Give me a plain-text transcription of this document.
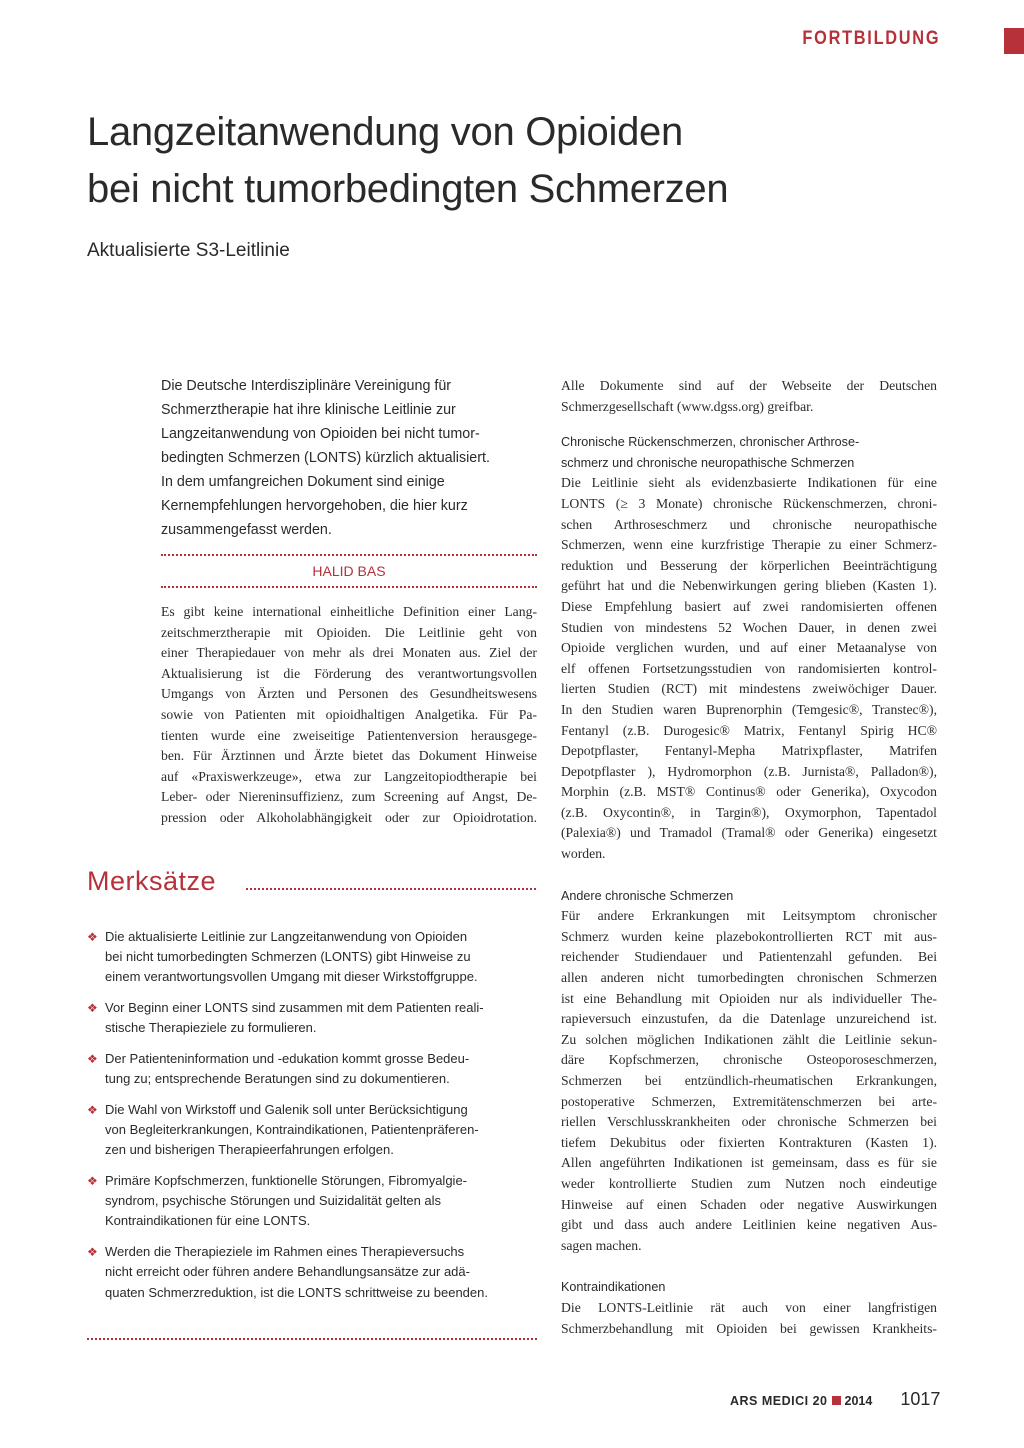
FORTBILDUNG
Langzeitanwendung von Opioiden
bei nicht tumorbedingten Schmerzen
Aktualisierte S3-Leitlinie
Die Deutsche Interdisziplinäre Vereinigung für
Schmerztherapie hat ihre klinische Leitlinie zur
Langzeitanwendung von Opioiden bei nicht tumor-
bedingten Schmerzen (LONTS) kürzlich aktualisiert.
In dem umfangreichen Dokument sind einige
Kernempfehlungen hervorgehoben, die hier kurz
zusammengefasst werden.
HALID BAS
Es gibt keine international einheitliche Definition einer Lang-
zeitschmerztherapie mit Opioiden. Die Leitlinie geht von
einer Therapiedauer von mehr als drei Monaten aus. Ziel der
Aktualisierung ist die Förderung des verantwortungsvollen
Umgangs von Ärzten und Personen des Gesundheitswesens
sowie von Patienten mit opioidhaltigen Analgetika. Für Pa-
tienten wurde eine zweiseitige Patientenversion herausgege-
ben. Für Ärztinnen und Ärzte bietet das Dokument Hinweise
auf «Praxiswerkzeuge», etwa zur Langzeitopiodtherapie bei
Leber- oder Niereninsuffizienz, zum Screening auf Angst, De-
pression oder Alkoholabhängigkeit oder zur Opioidrotation.
Merksätze
❖ Die aktualisierte Leitlinie zur Langzeitanwendung von Opioiden
bei nicht tumorbedingten Schmerzen (LONTS) gibt Hinweise zu
einem verantwortungsvollen Umgang mit dieser Wirkstoffgruppe.
❖ Vor Beginn einer LONTS sind zusammen mit dem Patienten reali-
stische Therapieziele zu formulieren.
❖ Der Patienteninformation und -edukation kommt grosse Bedeu-
tung zu; entsprechende Beratungen sind zu dokumentieren.
❖ Die Wahl von Wirkstoff und Galenik soll unter Berücksichtigung
von Begleiterkrankungen, Kontraindikationen, Patientenpräferen-
zen und bisherigen Therapieerfahrungen erfolgen.
❖ Primäre Kopfschmerzen, funktionelle Störungen, Fibromyalgie-
syndrom, psychische Störungen und Suizidalität gelten als
Kontraindikationen für eine LONTS.
❖ Werden die Therapieziele im Rahmen eines Therapieversuchs
nicht erreicht oder führen andere Behandlungsansätze zur adä-
quaten Schmerzreduktion, ist die LONTS schrittweise zu beenden.
Alle Dokumente sind auf der Webseite der Deutschen
Schmerzgesellschaft (www.dgss.org) greifbar.
Chronische Rückenschmerzen, chronischer Arthrose-
schmerz und chronische neuropathische Schmerzen
Die Leitlinie sieht als evidenzbasierte Indikationen für eine
LONTS (≥ 3 Monate) chronische Rückenschmerzen, chroni-
schen Arthroseschmerz und chronische neuropathische
Schmerzen, wenn eine kurzfristige Therapie zu einer Schmerz-
reduktion und Besserung der körperlichen Beeinträchtigung
geführt hat und die Nebenwirkungen gering blieben (Kasten 1).
Diese Empfehlung basiert auf zwei randomisierten offenen
Studien von mindestens 52 Wochen Dauer, in denen zwei
Opioide verglichen wurden, und auf einer Metaanalyse von
elf offenen Fortsetzungsstudien von randomisierten kontrol-
lierten Studien (RCT) mit mindestens zweiwöchiger Dauer.
In den Studien waren Buprenorphin (Temgesic®, Transtec®),
Fentanyl (z.B. Durogesic® Matrix, Fentanyl Spirig HC®
Depotpflaster, Fentanyl-Mepha Matrixpflaster, Matrifen
Depotpflaster ), Hydromorphon (z.B. Jurnista®, Palladon®),
Morphin (z.B. MST® Continus® oder Generika), Oxycodon
(z.B. Oxycontin®, in Targin®), Oxymorphon, Tapentadol
(Palexia®) und Tramadol (Tramal® oder Generika) eingesetzt
worden.
Andere chronische Schmerzen
Für andere Erkrankungen mit Leitsymptom chronischer
Schmerz wurden keine plazebokontrollierten RCT mit aus-
reichender Studiendauer und Patientenzahl gefunden. Bei
allen anderen nicht tumorbedingten chronischen Schmerzen
ist eine Behandlung mit Opioiden nur als individueller The-
rapieversuch einzustufen, da die Datenlage unzureichend ist.
Zu solchen möglichen Indikationen zählt die Leitlinie sekun-
däre Kopfschmerzen, chronische Osteoporoseschmerzen,
Schmerzen bei entzündlich-rheumatischen Erkrankungen,
postoperative Schmerzen, Extremitätenschmerzen bei arte-
riellen Verschlusskrankheiten oder chronische Schmerzen bei
tiefem Dekubitus oder fixierten Kontrakturen (Kasten 1).
Allen angeführten Indikationen ist gemeinsam, dass es für sie
weder kontrollierte Studien zum Nutzen noch eindeutige
Hinweise auf einen Schaden oder negative Auswirkungen
gibt und dass auch andere Leitlinien keine negativen Aus-
sagen machen.
Kontraindikationen
Die LONTS-Leitlinie rät auch von einer langfristigen
Schmerzbehandlung mit Opioiden bei gewissen Krankheits-
ARS MEDICI 20 2014 1017
